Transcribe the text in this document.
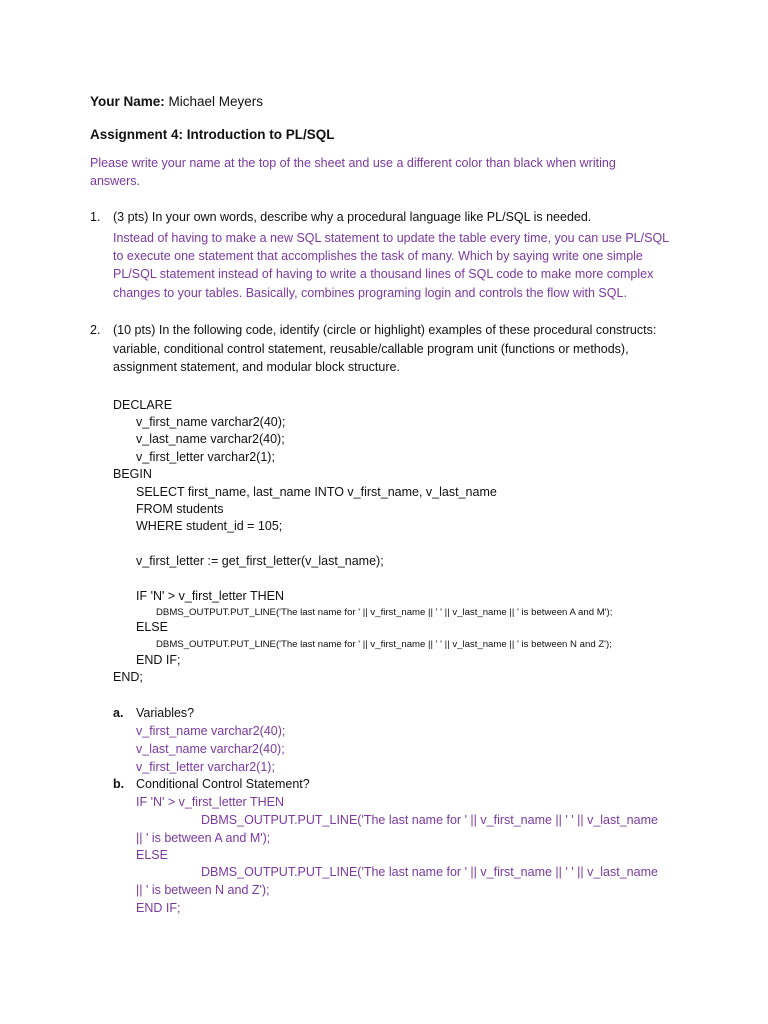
Your Name: Michael Meyers
Assignment 4: Introduction to PL/SQL
Please write your name at the top of the sheet and use a different color than black when writing
answers.
1. (3 pts) In your own words, describe why a procedural language like PL/SQL is needed.
Instead of having to make a new SQL statement to update the table every time, you can use PL/SQL
to execute one statement that accomplishes the task of many. Which by saying write one simple
PL/SQL statement instead of having to write a thousand lines of SQL code to make more complex
changes to your tables. Basically, combines programing login and controls the flow with SQL.
2. (10 pts) In the following code, identify (circle or highlight) examples of these procedural constructs:
variable, conditional control statement, reusable/callable program unit (functions or methods),
assignment statement, and modular block structure.
DECLARE
v_first_name varchar2(40);
v_last_name varchar2(40);
v_first_letter varchar2(1);
BEGIN
SELECT first_name, last_name INTO v_first_name, v_last_name
FROM students
WHERE student_id = 105;
v_first_letter := get_first_letter(v_last_name);
IF 'N' > v_first_letter THEN
DBMS_OUTPUT.PUT_LINE('The last name for ' || v_first_name || ' ' || v_last_name || ' is between A and M');
ELSE
DBMS_OUTPUT.PUT_LINE('The last name for ' || v_first_name || ' ' || v_last_name || ' is between N and Z');
END IF;
END;
a. Variables?
v_first_name varchar2(40);
v_last_name varchar2(40);
v_first_letter varchar2(1);
b. Conditional Control Statement?
IF 'N' > v_first_letter THEN
DBMS_OUTPUT.PUT_LINE('The last name for ' || v_first_name || ' ' || v_last_name
|| ' is between A and M');
ELSE
DBMS_OUTPUT.PUT_LINE('The last name for ' || v_first_name || ' ' || v_last_name
|| ' is between N and Z');
END IF;
